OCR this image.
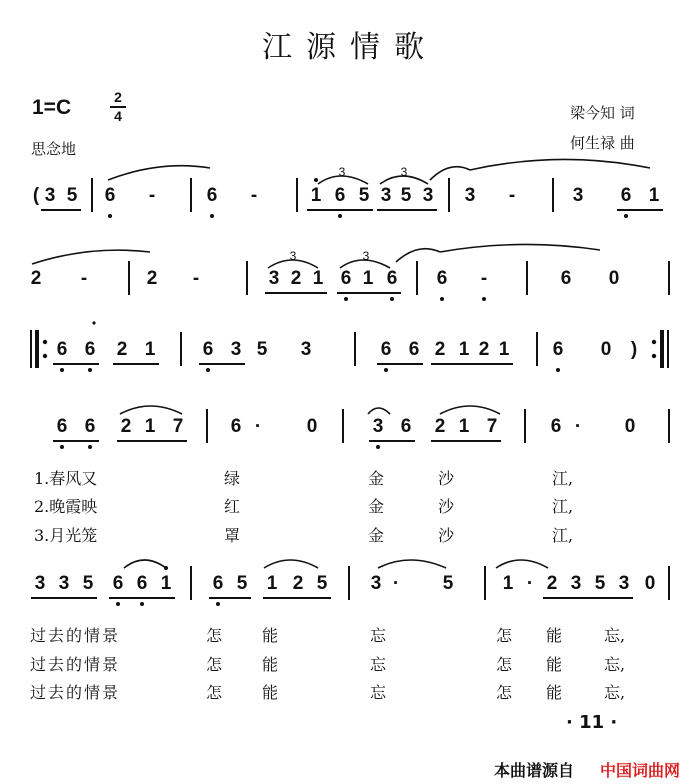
江源情歌
1=C	2
4	梁今知 词
何生禄 曲
思念地
( 3 5	6	-	6	-	1 6 5 3 5 3	3	-	3	6 1
2	-	2	-	3 2 1 6 1 6	6	-	6	0
6 6	2 1	6 3 5	3	6 6 2 1 2 1	6	0	)
6 6	2 1 7	6 ·	0	3 6	2 1 7	6 ·	0
3 3 5	6 6 1	6 5	1 2 5	3 ·	5	1 · 2 3 5 3 0
3	3
3	3
1.春风又	绿	金	沙	江,
2.晚霞映	红	金	沙	江,
3.月光笼	罩	金	沙	江,
过去的情景	怎 能	忘	怎 能	忘,
过去的情景	怎 能	忘	怎 能	忘,
过去的情景	怎 能	忘	怎 能	忘,
· 11 ·
本曲谱源自 中国词曲网
